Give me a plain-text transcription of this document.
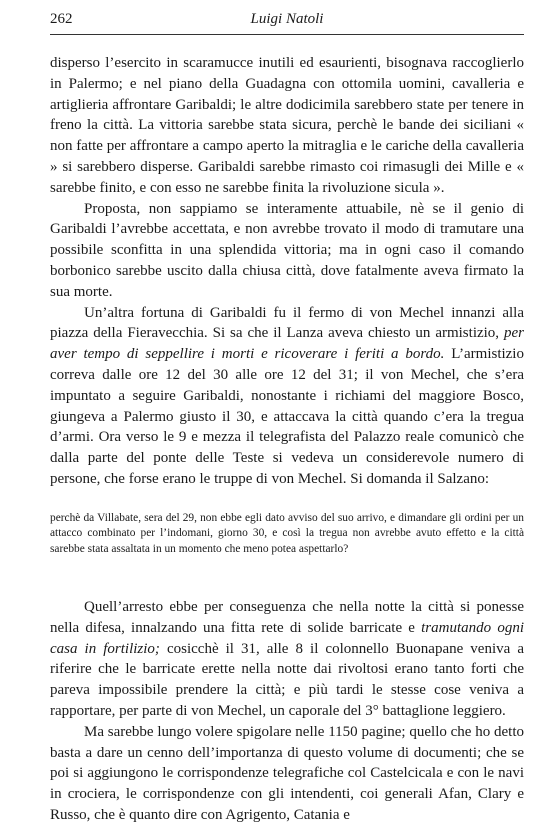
262	Luigi Natoli

disperso l’esercito in scaramucce inutili ed esaurienti, bisognava raccoglierlo in Palermo; e nel piano della Guadagna con ottomila uomini, cavalleria e artiglieria affrontare Garibaldi; le altre dodicimila sarebbero state per tenere in freno la città. La vittoria sarebbe stata sicura, perchè le bande dei siciliani « non fatte per affrontare a campo aperto la mitraglia e le cariche della cavalleria » si sarebbero disperse. Garibaldi sarebbe rimasto coi rimasugli dei Mille e « sarebbe finito, e con esso ne sarebbe finita la rivoluzione sicula ».

Proposta, non sappiamo se interamente attuabile, nè se il genio di Garibaldi l’avrebbe accettata, e non avrebbe trovato il modo di tramutare una possibile sconfitta in una splendida vittoria; ma in ogni caso il comando borbonico sarebbe uscito dalla chiusa città, dove fatalmente aveva firmato la sua morte.

Un’altra fortuna di Garibaldi fu il fermo di von Mechel innanzi alla piazza della Fieravecchia. Si sa che il Lanza aveva chiesto un armistizio, per aver tempo di seppellire i morti e ricoverare i feriti a bordo. L’armistizio correva dalle ore 12 del 30 alle ore 12 del 31; il von Mechel, che s’era impuntato a seguire Garibaldi, nonostante i richiami del maggiore Bosco, giungeva a Palermo giusto il 30, e attaccava la città quando c’era la tregua d’armi. Ora verso le 9 e mezza il telegrafista del Palazzo reale comunicò che dalla parte del ponte delle Teste si vedeva un considerevole numero di persone, che forse erano le truppe di von Mechel. Si domanda il Salzano:

perchè da Villabate, sera del 29, non ebbe egli dato avviso del suo arrivo, e dimandare gli ordini per un attacco combinato per l’indomani, giorno 30, e così la tregua non avrebbe avuto effetto e la città sarebbe stata assaltata in un momento che meno potea aspettarlo?

Quell’arresto ebbe per conseguenza che nella notte la città si ponesse nella difesa, innalzando una fitta rete di solide barricate e tramutando ogni casa in fortilizio; cosicchè il 31, alle 8 il colonnello Buonapane veniva a riferire che le barricate erette nella notte dai rivoltosi erano tanto forti che pareva impossibile prendere la città; e più tardi le stesse cose veniva a rapportare, per parte di von Mechel, un caporale del 3° battaglione leggiero.

Ma sarebbe lungo volere spigolare nelle 1150 pagine; quello che ho detto basta a dare un cenno dell’importanza di questo volume di documenti; che se poi si aggiungono le corrispondenze telegrafiche col Castelcicala e con le navi in crociera, le corrispondenze con gli intendenti, coi generali Afan, Clary e Russo, che è quanto dire con Agrigento, Catania e
